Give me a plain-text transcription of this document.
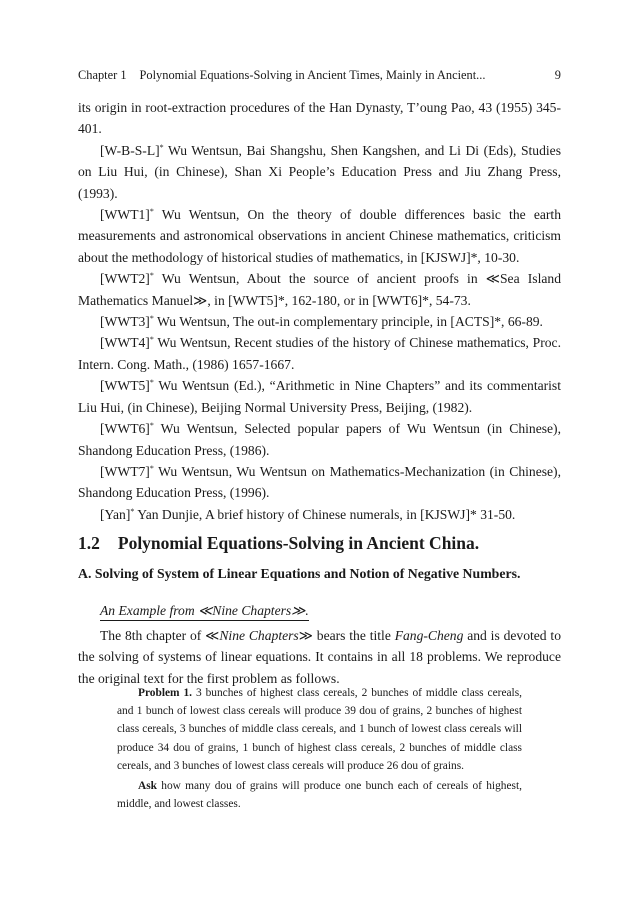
Chapter 1 Polynomial Equations-Solving in Ancient Times, Mainly in Ancient...	9

its origin in root-extraction procedures of the Han Dynasty, T’oung Pao, 43 (1955) 345-401.

[W-B-S-L]* Wu Wentsun, Bai Shangshu, Shen Kangshen, and Li Di (Eds), Studies on Liu Hui, (in Chinese), Shan Xi People’s Education Press and Jiu Zhang Press, (1993).

[WWT1]* Wu Wentsun, On the theory of double differences basic the earth measurements and astronomical observations in ancient Chinese mathematics, criticism about the methodology of historical studies of mathematics, in [KJSWJ]*, 10-30.

[WWT2]* Wu Wentsun, About the source of ancient proofs in ≪Sea Island Mathematics Manuel≫, in [WWT5]*, 162-180, or in [WWT6]*, 54-73.

[WWT3]* Wu Wentsun, The out-in complementary principle, in [ACTS]*, 66-89.

[WWT4]* Wu Wentsun, Recent studies of the history of Chinese mathematics, Proc. Intern. Cong. Math., (1986) 1657-1667.

[WWT5]* Wu Wentsun (Ed.), “Arithmetic in Nine Chapters” and its commentarist Liu Hui, (in Chinese), Beijing Normal University Press, Beijing, (1982).

[WWT6]* Wu Wentsun, Selected popular papers of Wu Wentsun (in Chinese), Shandong Education Press, (1986).

[WWT7]* Wu Wentsun, Wu Wentsun on Mathematics-Mechanization (in Chinese), Shandong Education Press, (1996).

[Yan]* Yan Dunjie, A brief history of Chinese numerals, in [KJSWJ]* 31-50.

1.2 Polynomial Equations-Solving in Ancient China.
A. Solving of System of Linear Equations and Notion of Negative Numbers.
An Example from ≪Nine Chapters≫.

The 8th chapter of ≪Nine Chapters≫ bears the title Fang-Cheng and is devoted to the solving of systems of linear equations. It contains in all 18 problems. We reproduce the original text for the first problem as follows.

Problem 1. 3 bunches of highest class cereals, 2 bunches of middle class cereals, and 1 bunch of lowest class cereals will produce 39 dou of grains, 2 bunches of highest class cereals, 3 bunches of middle class cereals, and 1 bunch of lowest class cereals will produce 34 dou of grains, 1 bunch of highest class cereals, 2 bunches of middle class cereals, and 3 bunches of lowest class cereals will produce 26 dou of grains.

Ask how many dou of grains will produce one bunch each of cereals of highest, middle, and lowest classes.
